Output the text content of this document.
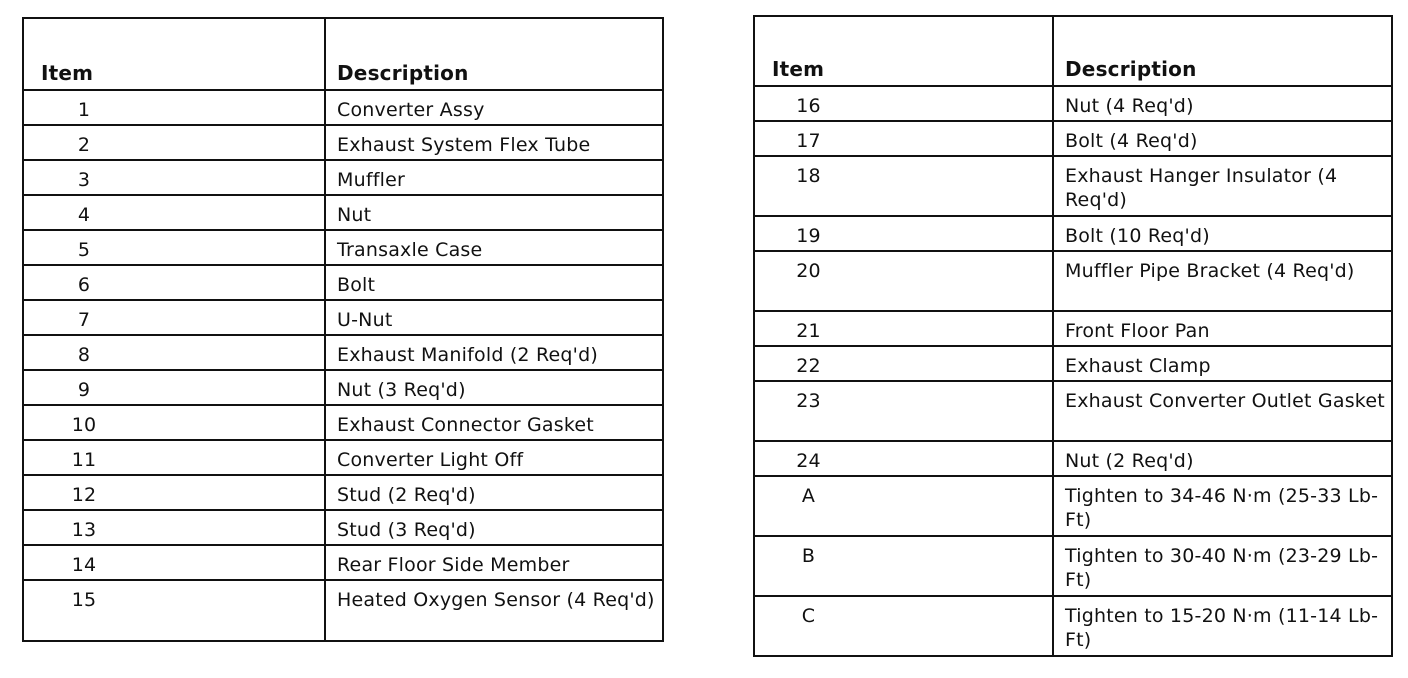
Item	Description
1	Converter Assy
2	Exhaust System Flex Tube
3	Muffler
4	Nut
5	Transaxle Case
6	Bolt
7	U-Nut
8	Exhaust Manifold (2 Req'd)
9	Nut (3 Req'd)
10	Exhaust Connector Gasket
11	Converter Light Off
12	Stud (2 Req'd)
13	Stud (3 Req'd)
14	Rear Floor Side Member
15	Heated Oxygen Sensor (4 Req'd)
Item	Description
16	Nut (4 Req'd)
17	Bolt (4 Req'd)
18	Exhaust Hanger Insulator (4 Req'd)
19	Bolt (10 Req'd)
20	Muffler Pipe Bracket (4 Req'd)
21	Front Floor Pan
22	Exhaust Clamp
23	Exhaust Converter Outlet Gasket
24	Nut (2 Req'd)
A	Tighten to 34-46 N·m (25-33 Lb-Ft)
B	Tighten to 30-40 N·m (23-29 Lb-Ft)
C	Tighten to 15-20 N·m (11-14 Lb-Ft)
